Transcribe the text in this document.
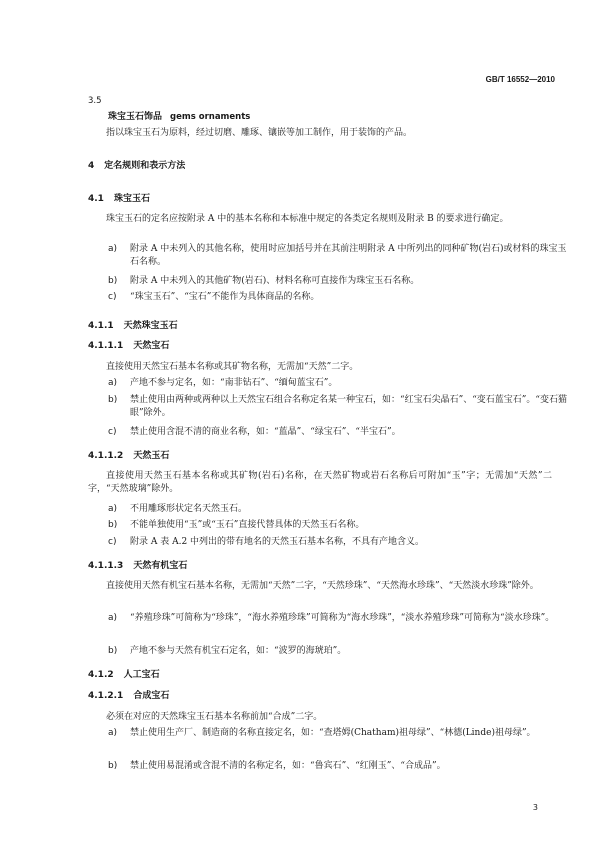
GB/T 16552—2010
3.5
珠宝玉石饰品 gems ornaments
指以珠宝玉石为原料，经过切磨、雕琢、镶嵌等加工制作，用于装饰的产品。
4 定名规则和表示方法
4.1 珠宝玉石
珠宝玉石的定名应按附录 A 中的基本名称和本标准中规定的各类定名规则及附录 B 的要求进行确定。
a) 附录 A 中未列入的其他名称，使用时应加括号并在其前注明附录 A 中所列出的同种矿物(岩石)或材料的珠宝玉石名称。
b) 附录 A 中未列入的其他矿物(岩石)、材料名称可直接作为珠宝玉石名称。
c) “珠宝玉石”、“宝石”不能作为具体商品的名称。
4.1.1 天然珠宝玉石
4.1.1.1 天然宝石
直接使用天然宝石基本名称或其矿物名称，无需加“天然”二字。
a) 产地不参与定名，如：“南非钻石”、“缅甸蓝宝石”。
b) 禁止使用由两种或两种以上天然宝石组合名称定名某一种宝石，如：“红宝石尖晶石”、“变石蓝宝石”。“变石猫眼”除外。
c) 禁止使用含混不清的商业名称，如：“蓝晶”、“绿宝石”、“半宝石”。
4.1.1.2 天然玉石
直接使用天然玉石基本名称或其矿物(岩石)名称，在天然矿物或岩石名称后可附加“玉”字；无需加“天然”二字，“天然玻璃”除外。
a) 不用雕琢形状定名天然玉石。
b) 不能单独使用“玉”或“玉石”直接代替具体的天然玉石名称。
c) 附录 A 表 A.2 中列出的带有地名的天然玉石基本名称，不具有产地含义。
4.1.1.3 天然有机宝石
直接使用天然有机宝石基本名称，无需加“天然”二字，“天然珍珠”、“天然海水珍珠”、“天然淡水珍珠”除外。
a) “养殖珍珠”可简称为“珍珠”，“海水养殖珍珠”可简称为“海水珍珠”，“淡水养殖珍珠”可简称为“淡水珍珠”。
b) 产地不参与天然有机宝石定名，如：“波罗的海琥珀”。
4.1.2 人工宝石
4.1.2.1 合成宝石
必须在对应的天然珠宝玉石基本名称前加“合成”二字。
a) 禁止使用生产厂、制造商的名称直接定名，如：“查塔姆(Chatham)祖母绿”、“林德(Linde)祖母绿”。
b) 禁止使用易混淆或含混不清的名称定名，如：“鲁宾石”、“红刚玉”、“合成品”。
3
